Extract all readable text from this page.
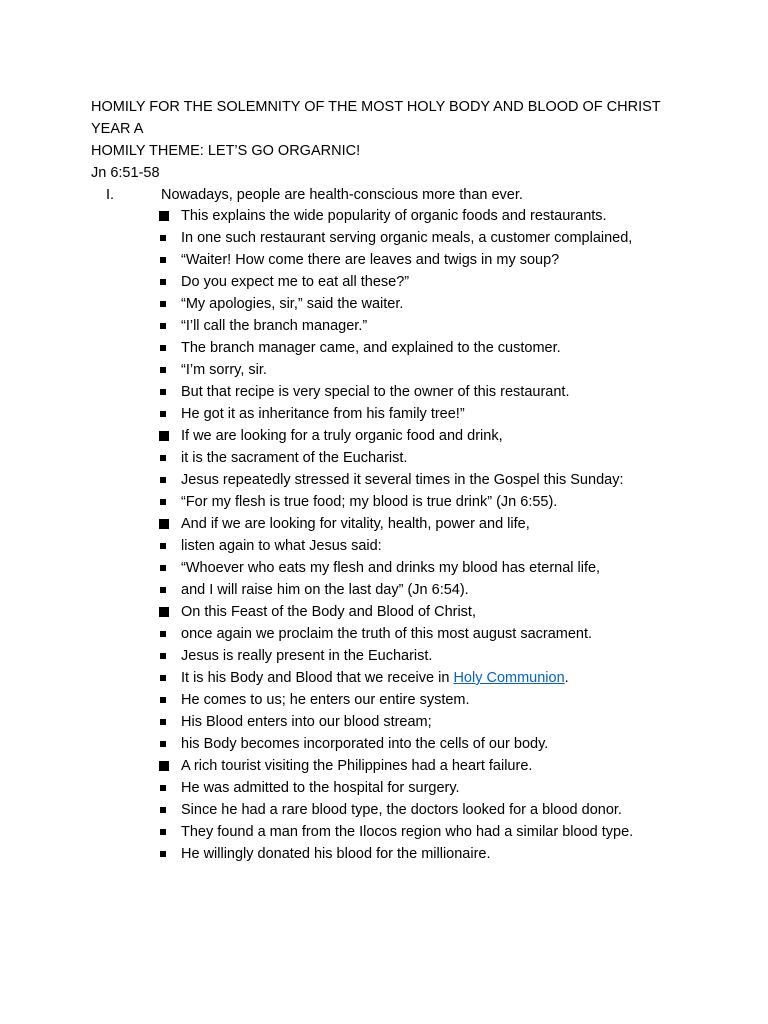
HOMILY FOR THE SOLEMNITY OF THE MOST HOLY BODY AND BLOOD OF CHRIST
YEAR A
HOMILY THEME: LET’S GO ORGARNIC!
Jn 6:51-58
I.	Nowadays, people are health-conscious more than ever.
This explains the wide popularity of organic foods and restaurants.
In one such restaurant serving organic meals, a customer complained,
“Waiter! How come there are leaves and twigs in my soup?
Do you expect me to eat all these?”
“My apologies, sir,” said the waiter.
“I’ll call the branch manager.”
The branch manager came, and explained to the customer.
“I’m sorry, sir.
But that recipe is very special to the owner of this restaurant.
He got it as inheritance from his family tree!”
If we are looking for a truly organic food and drink,
it is the sacrament of the Eucharist.
Jesus repeatedly stressed it several times in the Gospel this Sunday:
“For my flesh is true food; my blood is true drink” (Jn 6:55).
And if we are looking for vitality, health, power and life,
listen again to what Jesus said:
“Whoever who eats my flesh and drinks my blood has eternal life,
and I will raise him on the last day” (Jn 6:54).
On this Feast of the Body and Blood of Christ,
once again we proclaim the truth of this most august sacrament.
Jesus is really present in the Eucharist.
It is his Body and Blood that we receive in Holy Communion.
He comes to us; he enters our entire system.
His Blood enters into our blood stream;
his Body becomes incorporated into the cells of our body.
A rich tourist visiting the Philippines had a heart failure.
He was admitted to the hospital for surgery.
Since he had a rare blood type, the doctors looked for a blood donor.
They found a man from the Ilocos region who had a similar blood type.
He willingly donated his blood for the millionaire.
